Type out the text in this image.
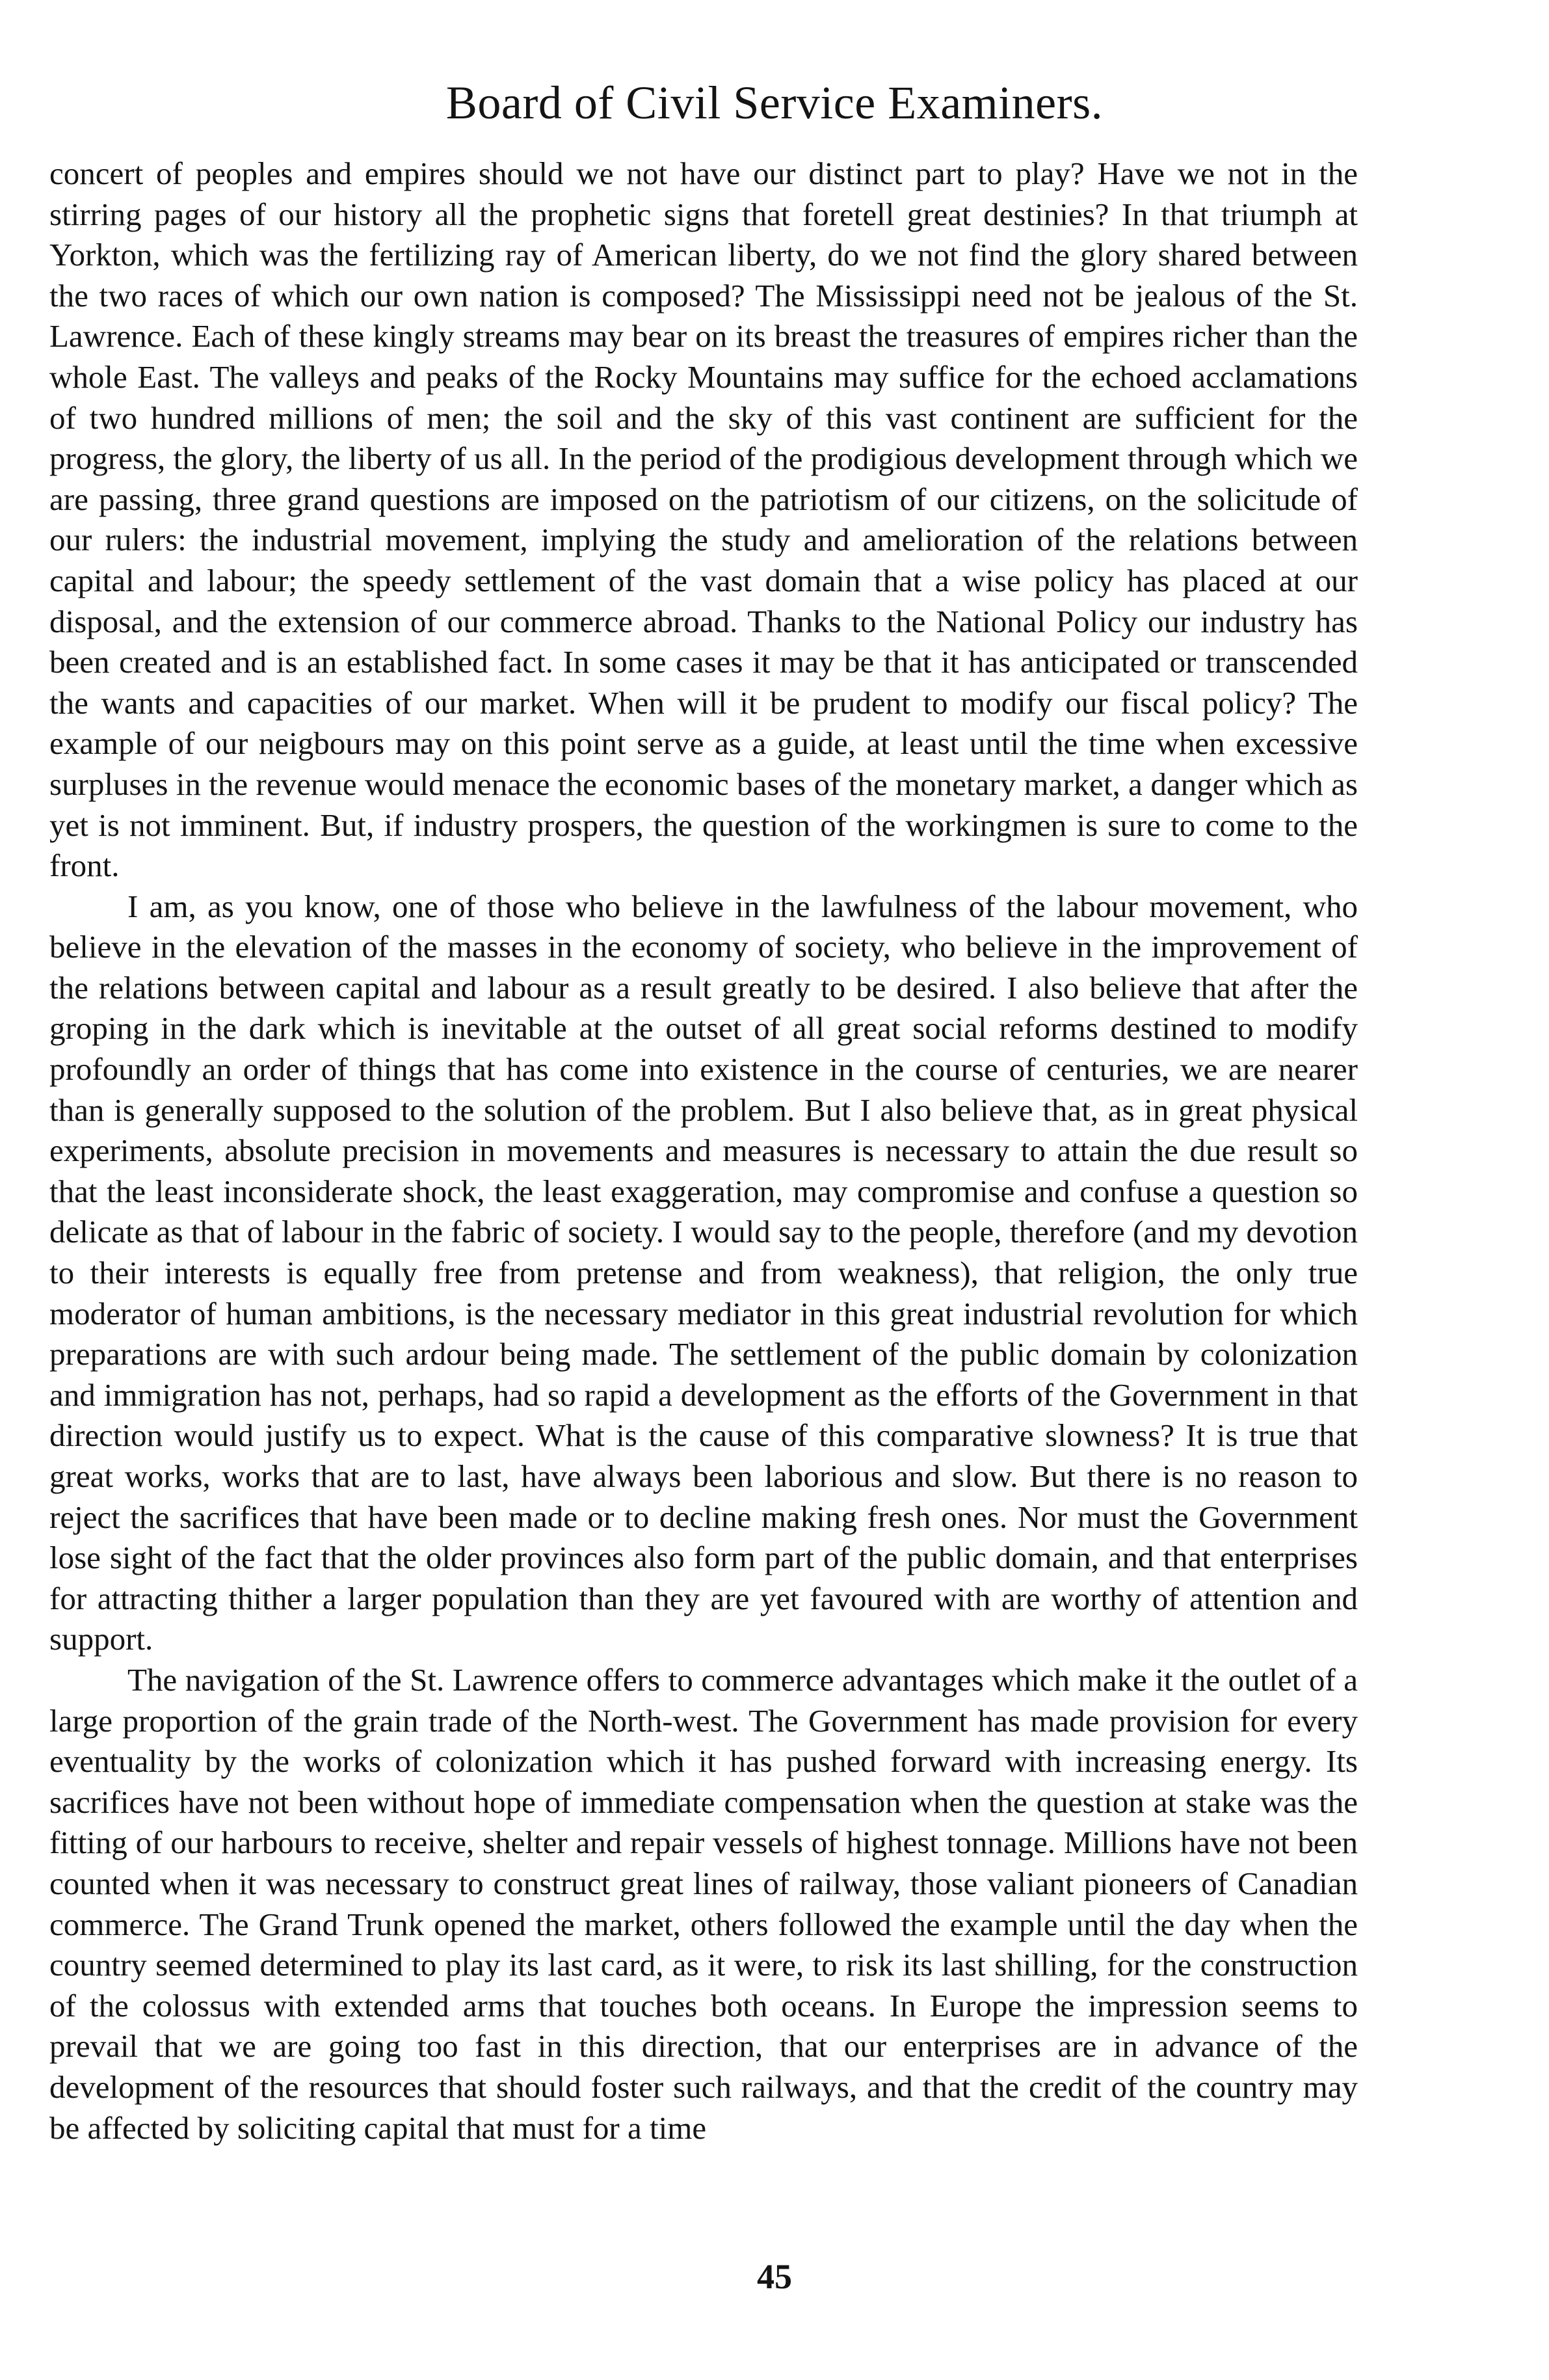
Board of Civil Service Examiners.

concert of peoples and empires should we not have our distinct part to play? Have we not in the stirring pages of our history all the prophetic signs that foretell great destinies? In that triumph at Yorkton, which was the fertilizing ray of American liberty, do we not find the glory shared between the two races of which our own nation is composed? The Mississippi need not be jealous of the St. Lawrence. Each of these kingly streams may bear on its breast the treasures of empires richer than the whole East. The valleys and peaks of the Rocky Mountains may suffice for the echoed acclamations of two hundred millions of men; the soil and the sky of this vast continent are sufficient for the progress, the glory, the liberty of us all. In the period of the prodigious development through which we are passing, three grand questions are imposed on the patriotism of our citizens, on the solicitude of our rulers: the industrial movement, implying the study and amelioration of the relations between capital and labour; the speedy settlement of the vast domain that a wise policy has placed at our disposal, and the extension of our commerce abroad. Thanks to the National Policy our industry has been created and is an established fact. In some cases it may be that it has anticipated or transcended the wants and capacities of our market. When will it be prudent to modify our fiscal policy? The example of our neigbours may on this point serve as a guide, at least until the time when excessive surpluses in the revenue would menace the economic bases of the monetary market, a danger which as yet is not imminent. But, if industry prospers, the question of the workingmen is sure to come to the front.

I am, as you know, one of those who believe in the lawfulness of the labour movement, who believe in the elevation of the masses in the economy of society, who believe in the improvement of the relations between capital and labour as a result greatly to be desired. I also believe that after the groping in the dark which is inevitable at the outset of all great social reforms destined to modify profoundly an order of things that has come into existence in the course of centuries, we are nearer than is generally supposed to the solution of the problem. But I also believe that, as in great physical experiments, absolute precision in movements and measures is necessary to attain the due result so that the least inconsiderate shock, the least exaggeration, may compromise and confuse a question so delicate as that of labour in the fabric of society. I would say to the people, therefore (and my devotion to their interests is equally free from pretense and from weakness), that religion, the only true moderator of human ambitions, is the necessary mediator in this great industrial revolution for which preparations are with such ardour being made. The settlement of the public domain by colonization and immigration has not, perhaps, had so rapid a development as the efforts of the Government in that direction would justify us to expect. What is the cause of this comparative slowness? It is true that great works, works that are to last, have always been laborious and slow. But there is no reason to reject the sacrifices that have been made or to decline making fresh ones. Nor must the Government lose sight of the fact that the older provinces also form part of the public domain, and that enterprises for attracting thither a larger population than they are yet favoured with are worthy of attention and support.

The navigation of the St. Lawrence offers to commerce advantages which make it the outlet of a large proportion of the grain trade of the North-west. The Government has made provision for every eventuality by the works of colonization which it has pushed forward with increasing energy. Its sacrifices have not been without hope of immediate compensation when the question at stake was the fitting of our harbours to receive, shelter and repair vessels of highest tonnage. Millions have not been counted when it was necessary to construct great lines of railway, those valiant pioneers of Canadian commerce. The Grand Trunk opened the market, others followed the example until the day when the country seemed determined to play its last card, as it were, to risk its last shilling, for the construction of the colossus with extended arms that touches both oceans. In Europe the impression seems to prevail that we are going too fast in this direction, that our enterprises are in advance of the development of the resources that should foster such railways, and that the credit of the country may be affected by soliciting capital that must for a time

45
